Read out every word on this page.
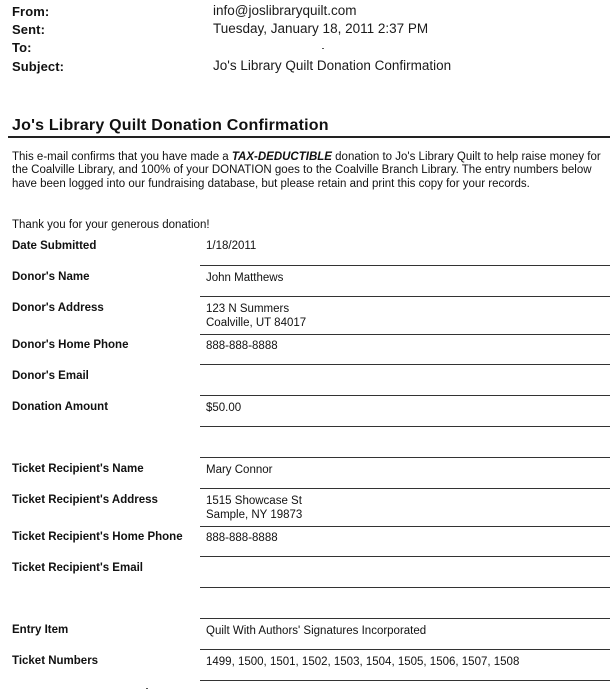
From:	info@joslibraryquilt.com
Sent:	Tuesday, January 18, 2011 2:37 PM
To:
Subject:	Jo's Library Quilt Donation Confirmation
Jo's Library Quilt Donation Confirmation
This e-mail confirms that you have made a TAX-DEDUCTIBLE donation to Jo's Library Quilt to help raise money for the Coalville Library, and 100% of your DONATION goes to the Coalville Branch Library. The entry numbers below have been logged into our fundraising database, but please retain and print this copy for your records.
Thank you for your generous donation!
Date Submitted	1/18/2011
Donor's Name	John Matthews
Donor's Address	123 N Summers
Coalville, UT 84017
Donor's Home Phone	888-888-8888
Donor's Email
Donation Amount	$50.00
Ticket Recipient's Name	Mary Connor
Ticket Recipient's Address	1515 Showcase St
Sample, NY 19873
Ticket Recipient's Home Phone 888-888-8888
Ticket Recipient's Email
Entry Item	Quilt With Authors' Signatures Incorporated
Ticket Numbers	1499, 1500, 1501, 1502, 1503, 1504, 1505, 1506, 1507, 1508
